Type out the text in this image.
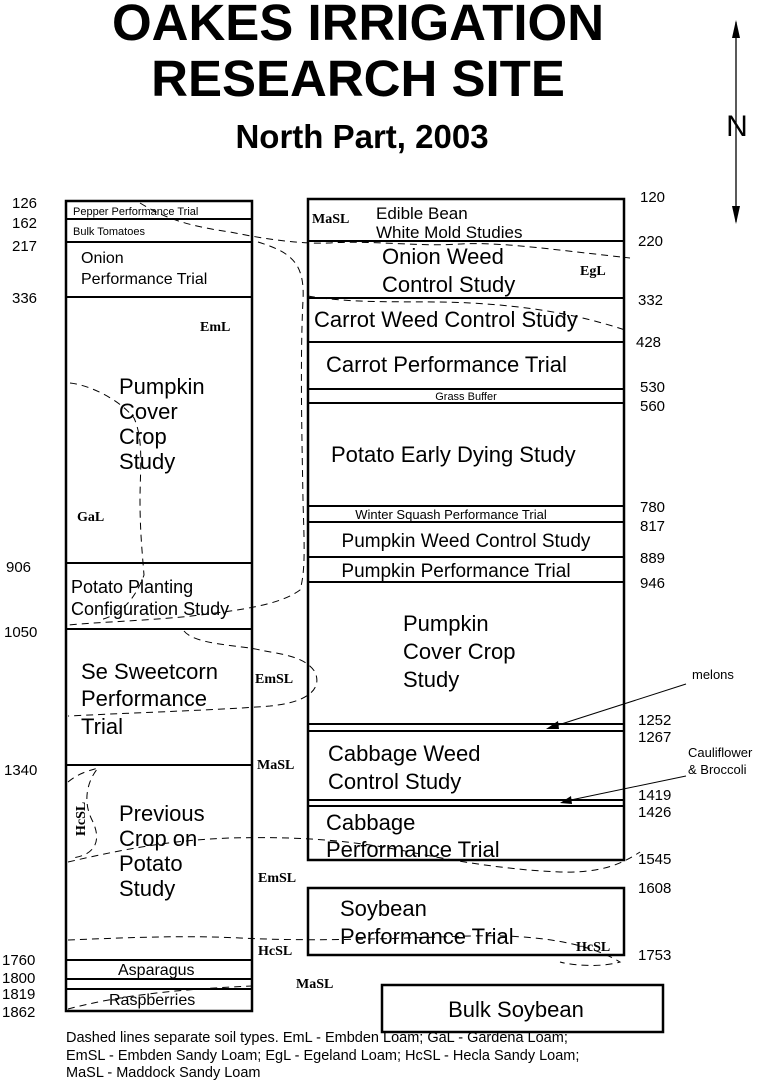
OAKES IRRIGATION
RESEARCH SITE
North Part, 2003	N
126
162
217
336
906
1050
1340
1760
1800
1819
1862
Pepper Performance Trial
Bulk Tomatoes
Onion
Performance Trial
Pumpkin
Cover
Crop
Study
Potato Planting
Configuration Study
Se Sweetcorn
Performance
Trial
Previous
Crop on
Potato
Study
Asparagus
Raspberries
120
220
332
428
530
560
780
817
889
946
1252
1267
1419
1426
1545
1608
1753
Edible Bean
White Mold Studies
Onion Weed
Control Study
Carrot Weed Control Study
Carrot Performance Trial
Grass Buffer
Potato Early Dying Study
Winter Squash Performance Trial
Pumpkin Weed Control Study
Pumpkin Performance Trial
Pumpkin
Cover Crop
Study
Cabbage Weed
Control Study
Cabbage
Performance Trial
Soybean
Performance Trial
Bulk Soybean
melons
Cauliflower
& Broccoli
MaSL
EgL
EmL
GaL
EmSL
MaSL
EmSL
HcSL	HcSL
MaSL
HcSL
Dashed lines separate soil types. EmL - Embden Loam; GaL - Gardena Loam;
EmSL - Embden Sandy Loam; EgL - Egeland Loam; HcSL - Hecla Sandy Loam;
MaSL - Maddock Sandy Loam
